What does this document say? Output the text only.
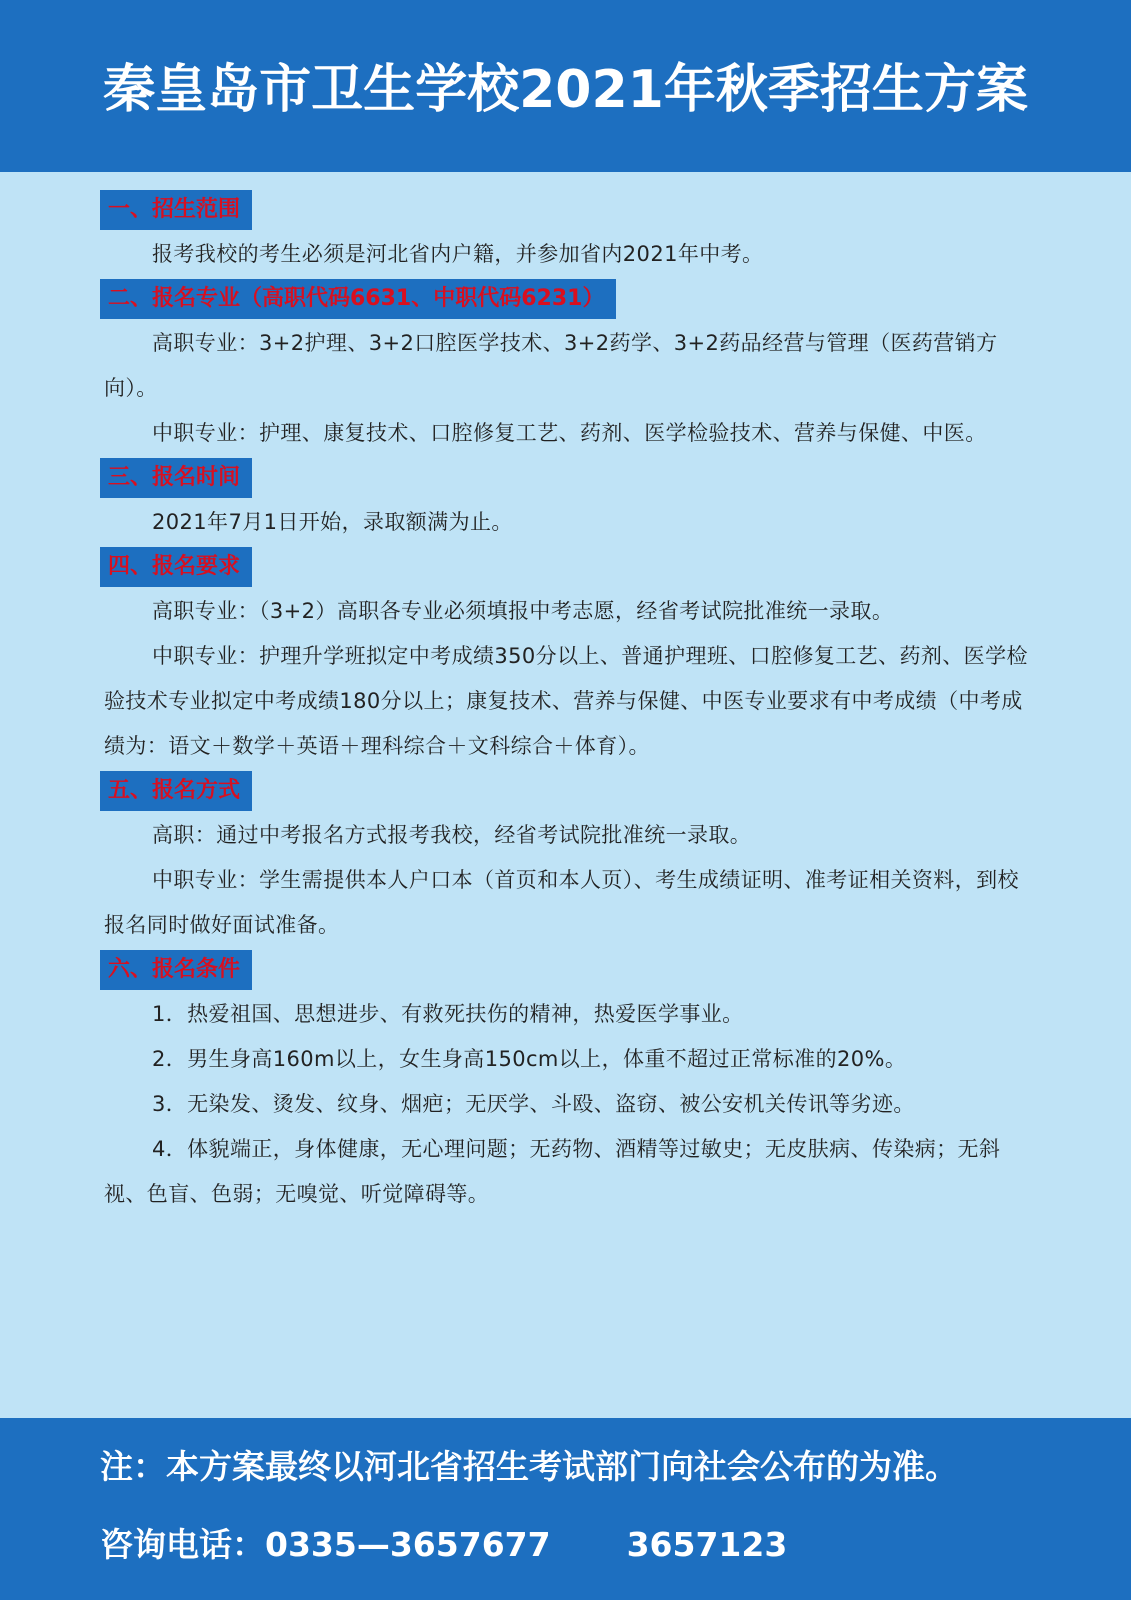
秦皇岛市卫生学校2021年秋季招生方案
一、招生范围

报考我校的考生必须是河北省内户籍，并参加省内2021年中考。

二、报名专业（高职代码6631、中职代码6231）

高职专业：3+2护理、3+2口腔医学技术、3+2药学、3+2药品经营与管理（医药营销方向）。

中职专业：护理、康复技术、口腔修复工艺、药剂、医学检验技术、营养与保健、中医。

三、报名时间

2021年7月1日开始，录取额满为止。

四、报名要求

高职专业：（3+2）高职各专业必须填报中考志愿，经省考试院批准统一录取。

中职专业：护理升学班拟定中考成绩350分以上、普通护理班、口腔修复工艺、药剂、医学检验技术专业拟定中考成绩180分以上；康复技术、营养与保健、中医专业要求有中考成绩（中考成绩为：语文＋数学＋英语＋理科综合＋文科综合＋体育）。

五、报名方式

高职：通过中考报名方式报考我校，经省考试院批准统一录取。

中职专业：学生需提供本人户口本（首页和本人页）、考生成绩证明、准考证相关资料，到校报名同时做好面试准备。

六、报名条件

1．热爱祖国、思想进步、有救死扶伤的精神，热爱医学事业。

2．男生身高160m以上，女生身高150cm以上，体重不超过正常标准的20%。

3．无染发、烫发、纹身、烟疤；无厌学、斗殴、盗窃、被公安机关传讯等劣迹。

4．体貌端正，身体健康，无心理问题；无药物、酒精等过敏史；无皮肤病、传染病；无斜视、色盲、色弱；无嗅觉、听觉障碍等。

注：本方案最终以河北省招生考试部门向社会公布的为准。
咨询电话：0335—3657677 3657123
